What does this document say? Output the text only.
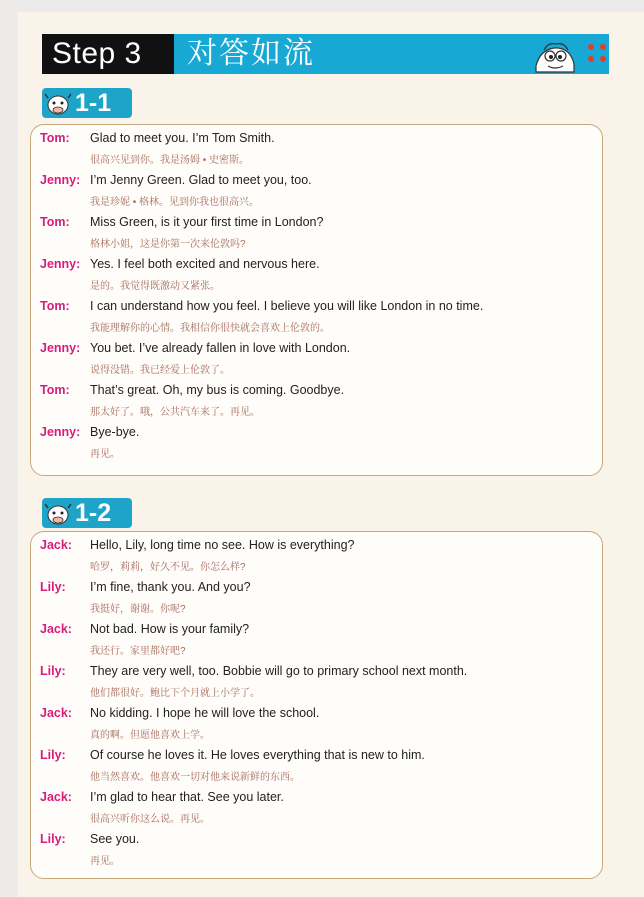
Step 3	对答如流
1-1
Tom: Glad to meet you. I’m Tom Smith.
很高兴见到你。我是汤姆 • 史密斯。
Jenny: I’m Jenny Green. Glad to meet you, too.
我是珍妮 • 格林。见到你我也很高兴。
Tom: Miss Green, is it your first time in London?
格林小姐，这是你第一次来伦敦吗?
Jenny: Yes. I feel both excited and nervous here.
是的。我觉得既激动又紧张。
Tom: I can understand how you feel. I believe you will like London in no time.
我能理解你的心情。我相信你很快就会喜欢上伦敦的。
Jenny: You bet. I’ve already fallen in love with London.
说得没错。我已经爱上伦敦了。
Tom: That’s great. Oh, my bus is coming. Goodbye.
那太好了。哦，公共汽车来了。再见。
Jenny: Bye-bye.
再见。
1-2
Jack: Hello, Lily, long time no see. How is everything?
哈罗，莉莉，好久不见。你怎么样?
Lily: I’m fine, thank you. And you?
我挺好，谢谢。你呢?
Jack: Not bad. How is your family?
我还行。家里都好吧?
Lily: They are very well, too. Bobbie will go to primary school next month.
他们都很好。鲍比下个月就上小学了。
Jack: No kidding. I hope he will love the school.
真的啊。但愿他喜欢上学。
Lily: Of course he loves it. He loves everything that is new to him.
他当然喜欢。他喜欢一切对他来说新鲜的东西。
Jack: I’m glad to hear that. See you later.
很高兴听你这么说。再见。
Lily: See you.
再见。
